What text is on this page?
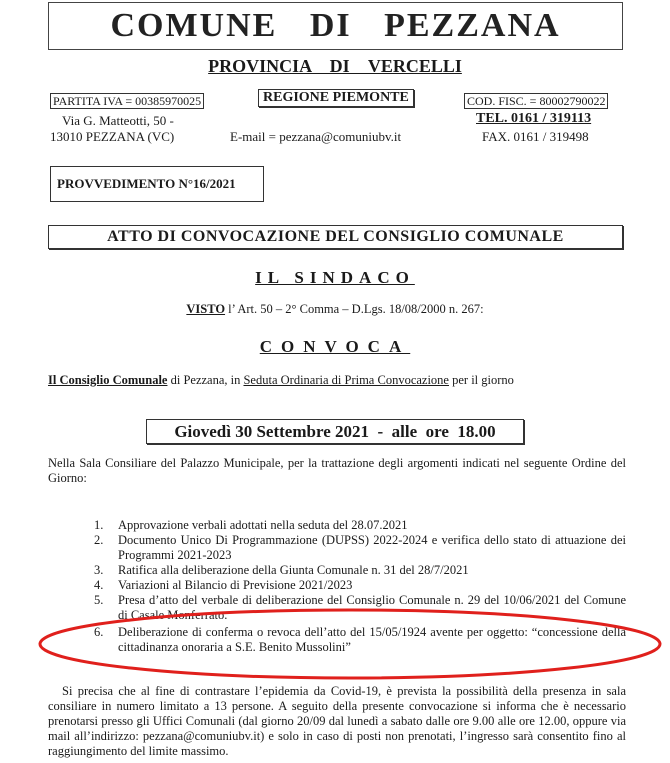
COMUNE DI PEZZANA
PROVINCIA DI VERCELLI
PARTITA IVA = 00385970025	REGIONE PIEMONTE	COD. FISC. = 80002790022
Via G. Matteotti, 50 -
13010 PEZZANA (VC)	E-mail = pezzana@comuniubv.it
TEL. 0161 / 319113
FAX. 0161 / 319498
PROVVEDIMENTO N°16/2021
ATTO DI CONVOCAZIONE DEL CONSIGLIO COMUNALE
IL SINDACO
VISTO l’ Art. 50 – 2° Comma – D.Lgs. 18/08/2000 n. 267:
CONVOCA
Il Consiglio Comunale di Pezzana, in Seduta Ordinaria di Prima Convocazione per il giorno
Giovedì 30 Settembre 2021  -  alle  ore  18.00
Nella Sala Consiliare del Palazzo Municipale, per la trattazione degli argomenti indicati nel seguente Ordine del Giorno:
1. Approvazione verbali adottati nella seduta del 28.07.2021
2. Documento Unico Di Programmazione (DUPSS) 2022-2024 e verifica dello stato di attuazione dei Programmi 2021-2023
3. Ratifica alla deliberazione della Giunta Comunale n. 31 del 28/7/2021
4. Variazioni al Bilancio di Previsione 2021/2023
5. Presa d’atto del verbale di deliberazione del Consiglio Comunale n. 29 del 10/06/2021 del Comune di Casale Monferrato.
6. Deliberazione di conferma o revoca dell’atto del 15/05/1924 avente per oggetto: “concessione della cittadinanza onoraria a S.E. Benito Mussolini”
Si precisa che al fine di contrastare l’epidemia da Covid-19, è prevista la possibilità della presenza in sala consiliare in numero limitato a 13 persone. A seguito della presente convocazione si informa che è necessario prenotarsi presso gli Uffici Comunali (dal giorno 20/09 dal lunedì a sabato dalle ore 9.00 alle ore 12.00, oppure via mail all’indirizzo: pezzana@comuniubv.it) e solo in caso di posti non prenotati, l’ingresso sarà consentito fino al raggiungimento del limite massimo.
